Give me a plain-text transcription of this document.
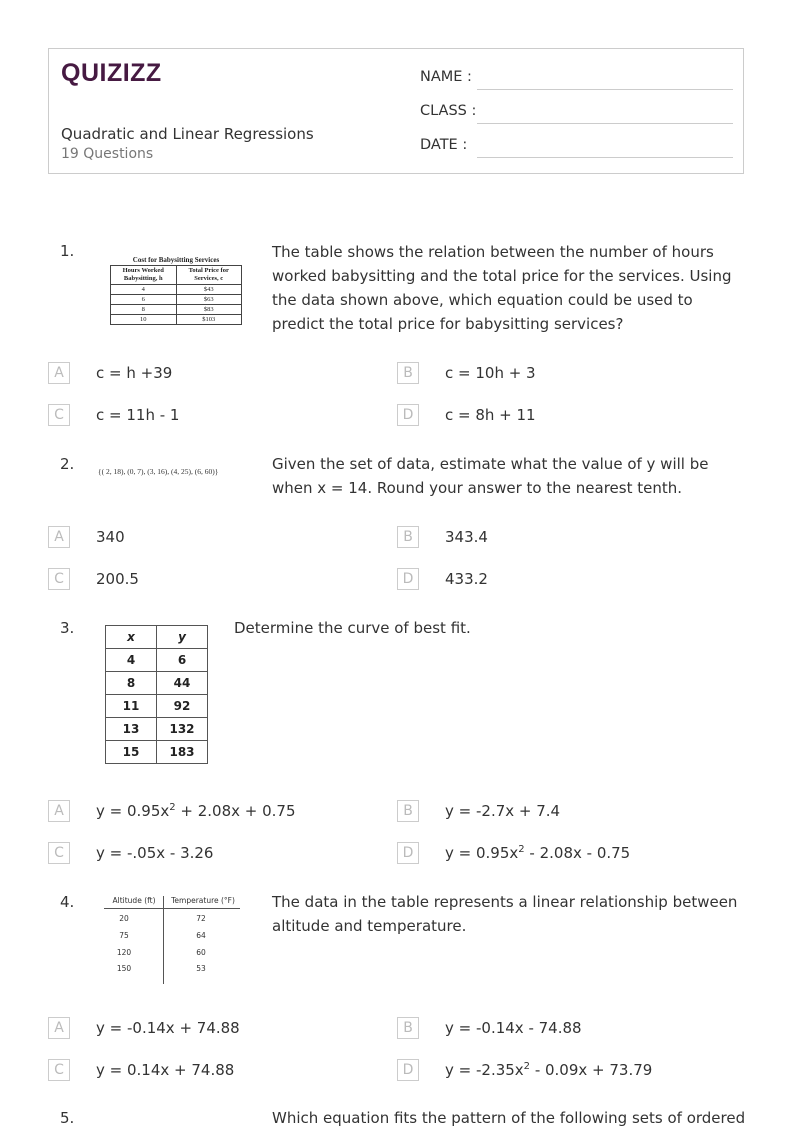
QUIZIZZ
Quadratic and Linear Regressions
19 Questions
NAME :
CLASS :
DATE :
1.	Cost for Babysitting Services
Hours Worked Babysitting, h	Total Price for Services, c
4	$43
6	$63
8	$83
10	$103
The table shows the relation between the number of hours worked babysitting and the total price for the services. Using the data shown above, which equation could be used to predict the total price for babysitting services?
A	c = h +39	B	c = 10h + 3
C	c = 11h - 1	D	c = 8h + 11
2.	{( 2, 18), (0, 7), (3, 16), (4, 25), (6, 60)}	Given the set of data, estimate what the value of y will be when x = 14. Round your answer to the nearest tenth.
A	340	B	343.4
C	200.5	D	433.2
3.	x	y
4	6
8	44
11	92
13	132
15	183
Determine the curve of best fit.
A	$y = 0.95x^2 + 2.08x + 0.75$	B	y = -2.7x + 7.4
C	y = -.05x - 3.26	D	$y = 0.95x^2 - 2.08x - 0.75$
4.	Altitude (ft)	Temperature (°F)
20	72
75	64
120	60
150	53
The data in the table represents a linear relationship between altitude and temperature.
A	y = -0.14x + 74.88	B	y = -0.14x - 74.88
C	y = 0.14x + 74.88	D	$y = -2.35x^2 - 0.09x + 73.79$
5.	Which equation fits the pattern of the following sets of ordered
